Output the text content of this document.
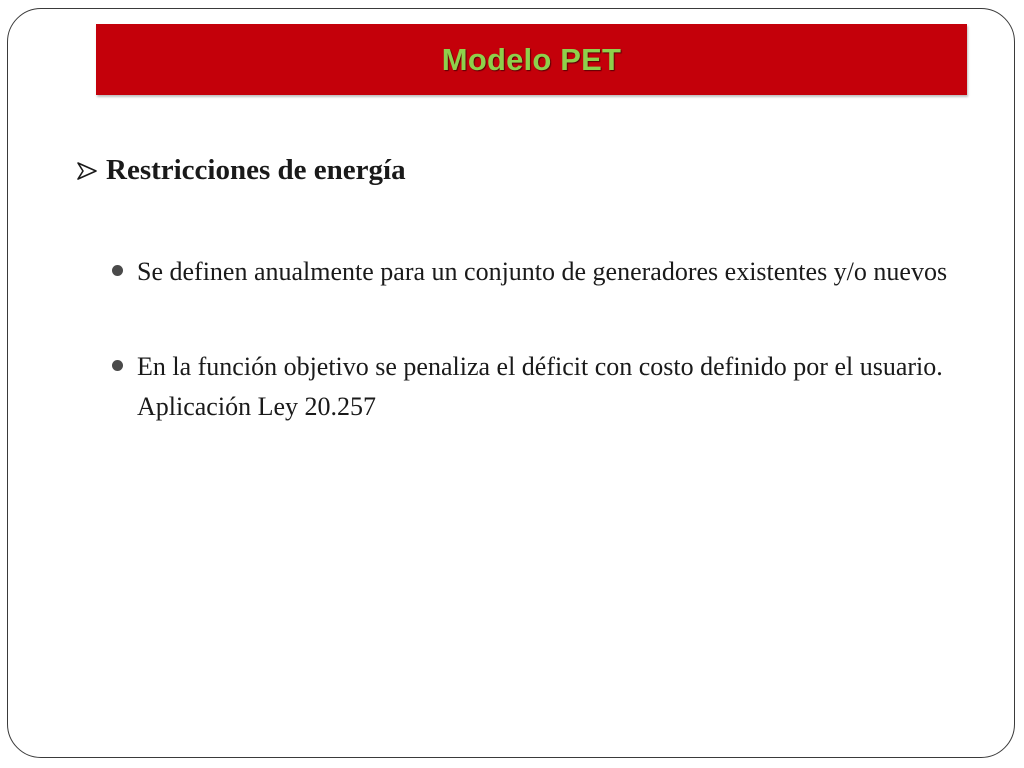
Modelo PET
Restricciones de energía
Se definen anualmente para un conjunto de generadores existentes y/o nuevos
En la función objetivo se penaliza el déficit con costo definido por el usuario. Aplicación Ley 20.257
